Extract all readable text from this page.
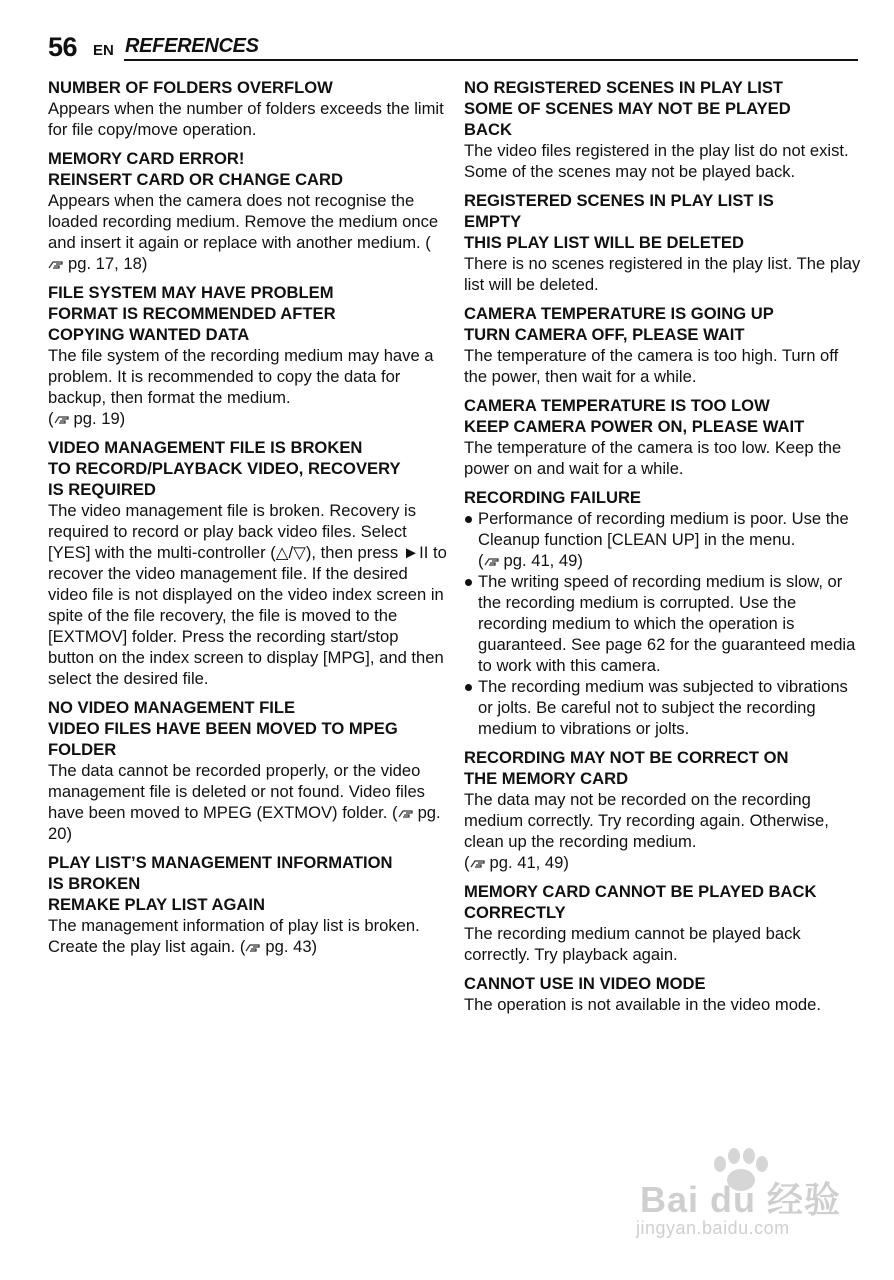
56 EN REFERENCES
NUMBER OF FOLDERS OVERFLOW
Appears when the number of folders exceeds the limit for file copy/move operation.
MEMORY CARD ERROR!
REINSERT CARD OR CHANGE CARD
Appears when the camera does not recognise the loaded recording medium. Remove the medium once and insert it again or replace with another medium. (pg. 17, 18)
FILE SYSTEM MAY HAVE PROBLEM
FORMAT IS RECOMMENDED AFTER
COPYING WANTED DATA
The file system of the recording medium may have a problem. It is recommended to copy the data for backup, then format the medium.
( pg. 19)
VIDEO MANAGEMENT FILE IS BROKEN
TO RECORD/PLAYBACK VIDEO, RECOVERY
IS REQUIRED
The video management file is broken. Recovery is required to record or play back video files. Select [YES] with the multi-controller (△/▽), then press ►II to recover the video management file. If the desired video file is not displayed on the video index screen in spite of the file recovery, the file is moved to the [EXTMOV] folder. Press the recording start/stop button on the index screen to display [MPG], and then select the desired file.
NO VIDEO MANAGEMENT FILE
VIDEO FILES HAVE BEEN MOVED TO MPEG
FOLDER
The data cannot be recorded properly, or the video management file is deleted or not found. Video files have been moved to MPEG (EXTMOV) folder. ( pg. 20)
PLAY LIST’S MANAGEMENT INFORMATION
IS BROKEN
REMAKE PLAY LIST AGAIN
The management information of play list is broken. Create the play list again. ( pg. 43)
NO REGISTERED SCENES IN PLAY LIST
SOME OF SCENES MAY NOT BE PLAYED
BACK
The video files registered in the play list do not exist. Some of the scenes may not be played back.
REGISTERED SCENES IN PLAY LIST IS
EMPTY
THIS PLAY LIST WILL BE DELETED
There is no scenes registered in the play list. The play list will be deleted.
CAMERA TEMPERATURE IS GOING UP
TURN CAMERA OFF, PLEASE WAIT
The temperature of the camera is too high. Turn off the power, then wait for a while.
CAMERA TEMPERATURE IS TOO LOW
KEEP CAMERA POWER ON, PLEASE WAIT
The temperature of the camera is too low. Keep the power on and wait for a while.
RECORDING FAILURE
Performance of recording medium is poor. Use the Cleanup function [CLEAN UP] in the menu.
( pg. 41, 49)
The writing speed of recording medium is slow, or the recording medium is corrupted. Use the recording medium to which the operation is guaranteed. See page 62 for the guaranteed media to work with this camera.
The recording medium was subjected to vibrations or jolts. Be careful not to subject the recording medium to vibrations or jolts.
RECORDING MAY NOT BE CORRECT ON
THE MEMORY CARD
The data may not be recorded on the recording medium correctly. Try recording again. Otherwise, clean up the recording medium.
( pg. 41, 49)
MEMORY CARD CANNOT BE PLAYED BACK
CORRECTLY
The recording medium cannot be played back correctly. Try playback again.
CANNOT USE IN VIDEO MODE
The operation is not available in the video mode.
Bai du 经验
jingyan.baidu.com
